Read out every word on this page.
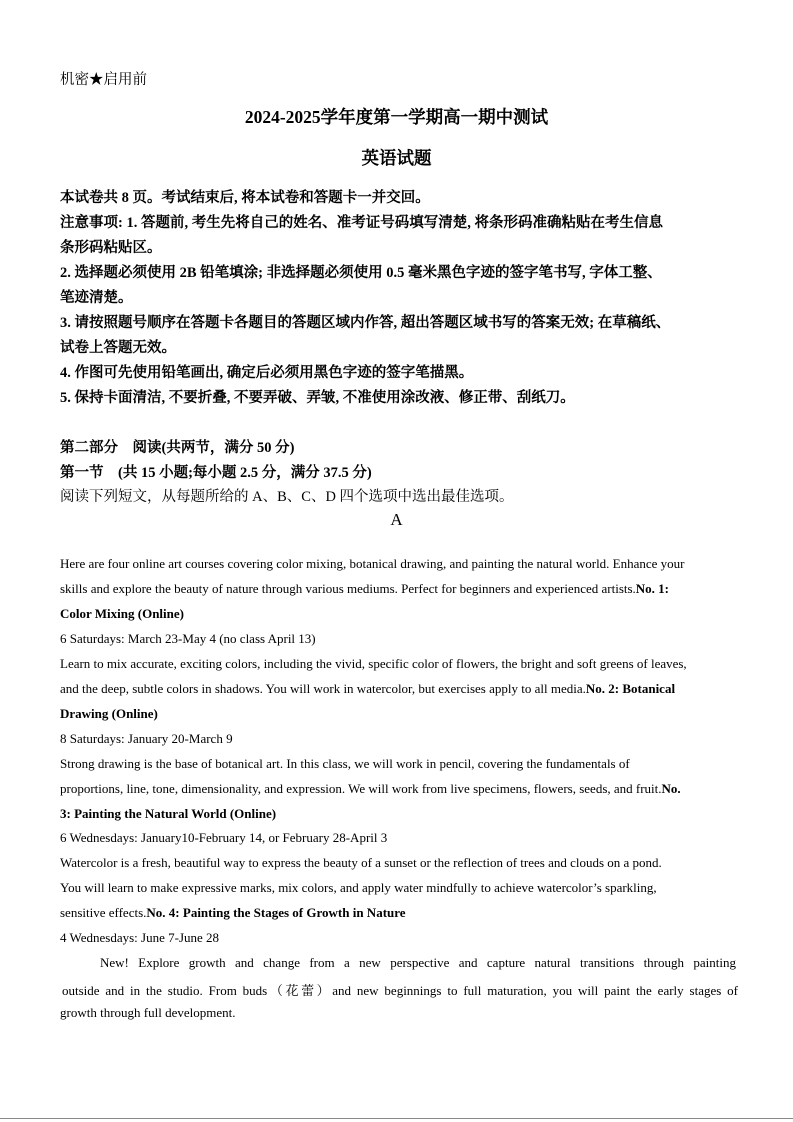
机密★启用前
2024-2025学年度第一学期高一期中测试
英语试题
本试卷共 8 页。考试结束后, 将本试卷和答题卡一并交回。
注意事项: 1. 答题前, 考生先将自己的姓名、准考证号码填写清楚, 将条形码准确粘贴在考生信息
条形码粘贴区。
2. 选择题必须使用 2B 铅笔填涂; 非选择题必须使用 0.5 毫米黑色字迹的签字笔书写, 字体工整、
笔迹清楚。
3. 请按照题号顺序在答题卡各题目的答题区域内作答, 超出答题区域书写的答案无效; 在草稿纸、
试卷上答题无效。
4. 作图可先使用铅笔画出, 确定后必须用黑色字迹的签字笔描黑。
5. 保持卡面清洁, 不要折叠, 不要弄破、弄皱, 不准使用涂改液、修正带、刮纸刀。
第二部分　阅读(共两节，满分 50 分)
第一节　(共 15 小题;每小题 2.5 分，满分 37.5 分)
阅读下列短文，从每题所给的 A、B、C、D 四个选项中选出最佳选项。
A
Here are four online art courses covering color mixing, botanical drawing, and painting the natural world. Enhance your
skills and explore the beauty of nature through various mediums. Perfect for beginners and experienced artists.No. 1:
Color Mixing (Online)
6 Saturdays: March 23-May 4 (no class April 13)
Learn to mix accurate, exciting colors, including the vivid, specific color of flowers, the bright and soft greens of leaves,
and the deep, subtle colors in shadows. You will work in watercolor, but exercises apply to all media.No. 2: Botanical
Drawing (Online)
8 Saturdays: January 20-March 9
Strong drawing is the base of botanical art. In this class, we will work in pencil, covering the fundamentals of
proportions, line, tone, dimensionality, and expression. We will work from live specimens, flowers, seeds, and fruit.No.
3: Painting the Natural World (Online)
6 Wednesdays: January10-February 14, or February 28-April 3
Watercolor is a fresh, beautiful way to express the beauty of a sunset or the reflection of trees and clouds on a pond.
You will learn to make expressive marks, mix colors, and apply water mindfully to achieve watercolor’s sparkling,
sensitive effects.No. 4: Painting the Stages of Growth in Nature
4 Wednesdays: June 7-June 28
New! Explore growth and change from a new perspective and capture natural transitions through painting
outside and in the studio. From buds（花蕾）and new beginnings to full maturation, you will paint the early stages of
growth through full development.
